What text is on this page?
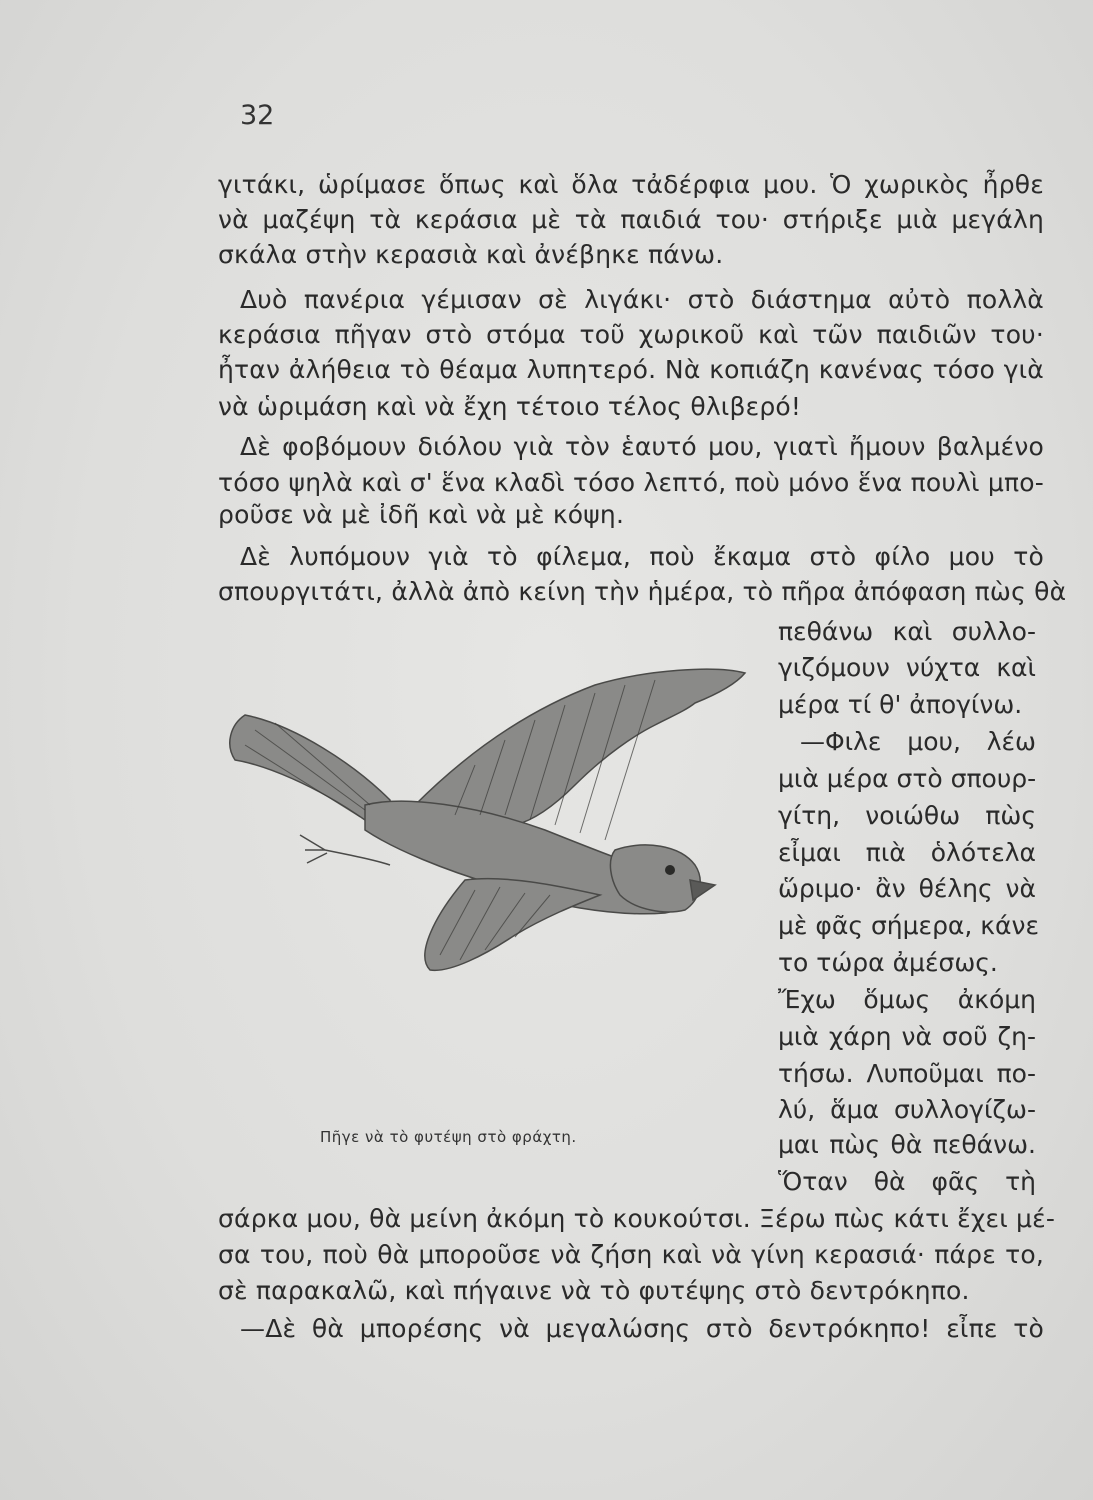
32
γιτάκι, ὡρίμασε ὅπως καὶ ὅλα τἀδέρφια μου. Ὁ χωρικὸς ἦρθε
νὰ μαζέψη τὰ κεράσια μὲ τὰ παιδιά του· στήριξε μιὰ μεγάλη
σκάλα στὴν κερασιὰ καὶ ἀνέβηκε πάνω.
Δυὸ πανέρια γέμισαν σὲ λιγάκι· στὸ διάστημα αὐτὸ πολλὰ
κεράσια πῆγαν στὸ στόμα τοῦ χωρικοῦ καὶ τῶν παιδιῶν του·
ἦταν ἀλήθεια τὸ θέαμα λυπητερό. Νὰ κοπιάζη κανένας τόσο γιὰ
νὰ ὡριμάση καὶ νὰ ἔχη τέτοιο τέλος θλιβερό!
Δὲ φοβόμουν διόλου γιὰ τὸν ἑαυτό μου, γιατὶ ἤμουν βαλμένο
τόσο ψηλὰ καὶ σ' ἕνα κλαδὶ τόσο λεπτό, ποὺ μόνο ἕνα πουλὶ μπο-
ροῦσε νὰ μὲ ἰδῆ καὶ νὰ μὲ κόψη.
Δὲ λυπόμουν γιὰ τὸ φίλεμα, ποὺ ἔκαμα στὸ φίλο μου τὸ
σπουργιτάτι, ἀλλὰ ἀπὸ κείνη τὴν ἡμέρα, τὸ πῆρα ἀπόφαση πὼς θὰ
πεθάνω καὶ συλλο-
γιζόμουν νύχτα καὶ
μέρα τί θ' ἀπογίνω.
—Φιλε μου, λέω
μιὰ μέρα στὸ σπουρ-
γίτη, νοιώθω πὼς
εἶμαι πιὰ ὁλότελα
ὥριμο· ἂν θέλης νὰ
μὲ φᾶς σήμερα, κάνε
το τώρα ἀμέσως.
Ἔχω ὅμως ἀκόμη
μιὰ χάρη νὰ σοῦ ζη-
τήσω. Λυποῦμαι πο-
λύ, ἅμα συλλογίζω-
μαι πὼς θὰ πεθάνω.
Ὅταν θὰ φᾶς τὴ
Πῆγε νὰ τὸ φυτέψη στὸ φράχτη.
σάρκα μου, θὰ μείνη ἀκόμη τὸ κουκούτσι. Ξέρω πὼς κάτι ἔχει μέ-
σα του, ποὺ θὰ μποροῦσε νὰ ζήση καὶ νὰ γίνη κερασιά· πάρε το,
σὲ παρακαλῶ, καὶ πήγαινε νὰ τὸ φυτέψης στὸ δεντρόκηπο.
—Δὲ θὰ μπορέσης νὰ μεγαλώσης στὸ δεντρόκηπο! εἶπε τὸ
